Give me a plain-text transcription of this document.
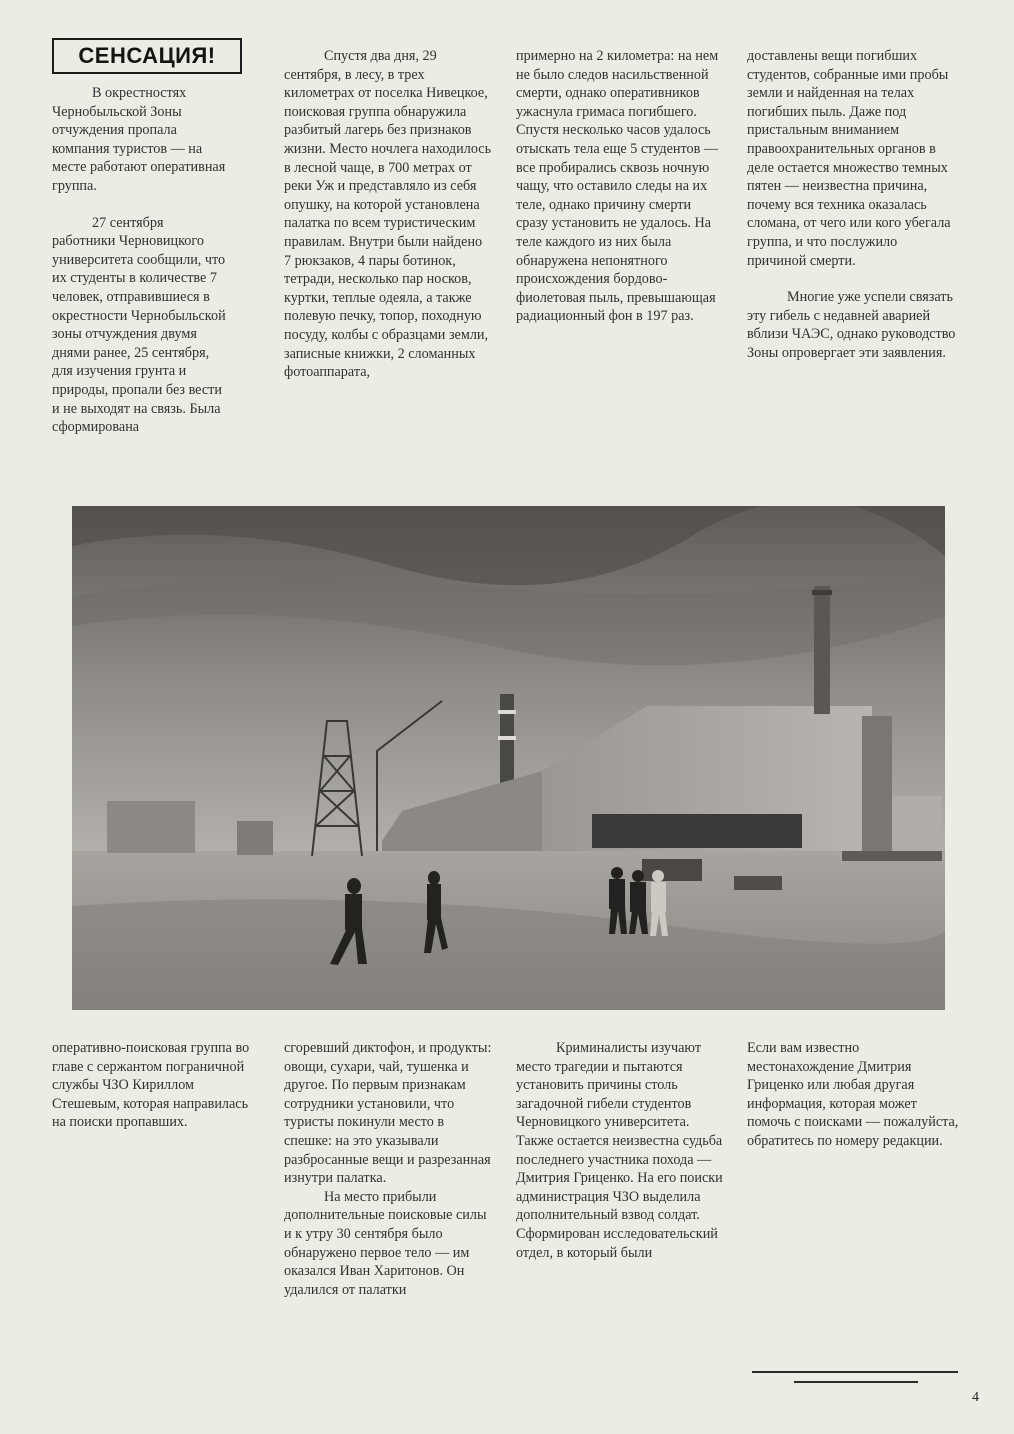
СЕНСАЦИЯ!

В окрестностях Чернобыльской Зоны отчуждения пропала компания туристов — на месте работают оперативная группа.

27 сентября работники Черновицкого университета сообщили, что их студенты в количестве 7 человек, отправившиеся в окрестности Чернобыльской зоны отчуждения двумя днями ранее, 25 сентября, для изучения грунта и природы, пропали без вести и не выходят на связь. Была сформирована

Спустя два дня, 29 сентября, в лесу, в трех километрах от поселка Нивецкое, поисковая группа обнаружила разбитый лагерь без признаков жизни. Место ночлега находилось в лесной чаще, в 700 метрах от реки Уж и представляло из себя опушку, на которой установлена палатка по всем туристическим правилам. Внутри были найдено 7 рюкзаков, 4 пары ботинок, тетради, несколько пар носков, куртки, теплые одеяла, а также полевую печку, топор, походную посуду, колбы с образцами земли, записные книжки, 2 сломанных фотоаппарата,

примерно на 2 километра: на нем не было следов насильственной смерти, однако оперативников ужаснула гримаса погибшего. Спустя несколько часов удалось отыскать тела еще 5 студентов — все пробирались сквозь ночную чащу, что оставило следы на их теле, однако причину смерти сразу установить не удалось. На теле каждого из них была обнаружена непонятного происхождения бордово-фиолетовая пыль, превышающая радиационный фон в 197 раз.

доставлены вещи погибших студентов, собранные ими пробы земли и найденная на телах погибших пыль. Даже под пристальным вниманием правоохранительных органов в деле остается множество темных пятен — неизвестна причина, почему вся техника оказалась сломана, от чего или кого убегала группа, и что послужило причиной смерти.

Многие уже успели связать эту гибель с недавней аварией вблизи ЧАЭС, однако руководство Зоны опровергает эти заявления.

оперативно-поисковая группа во главе с сержантом пограничной службы ЧЗО Кириллом Стешевым, которая направилась на поиски пропавших.

сгоревший диктофон, и продукты: овощи, сухари, чай, тушенка и другое. По первым признакам сотрудники установили, что туристы покинули место в спешке: на это указывали разбросанные вещи и разрезанная изнутри палатка.

На место прибыли дополнительные поисковые силы и к утру 30 сентября было обнаружено первое тело — им оказался Иван Харитонов. Он удалился от палатки

Криминалисты изучают место трагедии и пытаются установить причины столь загадочной гибели студентов Черновицкого университета. Также остается неизвестна судьба последнего участника похода — Дмитрия Гриценко. На его поиски администрация ЧЗО выделила дополнительный взвод солдат.

Сформирован исследовательский отдел, в который были

Если вам известно местонахождение Дмитрия Гриценко или любая другая информация, которая может помочь с поисками — пожалуйста, обратитесь по номеру редакции.

4
